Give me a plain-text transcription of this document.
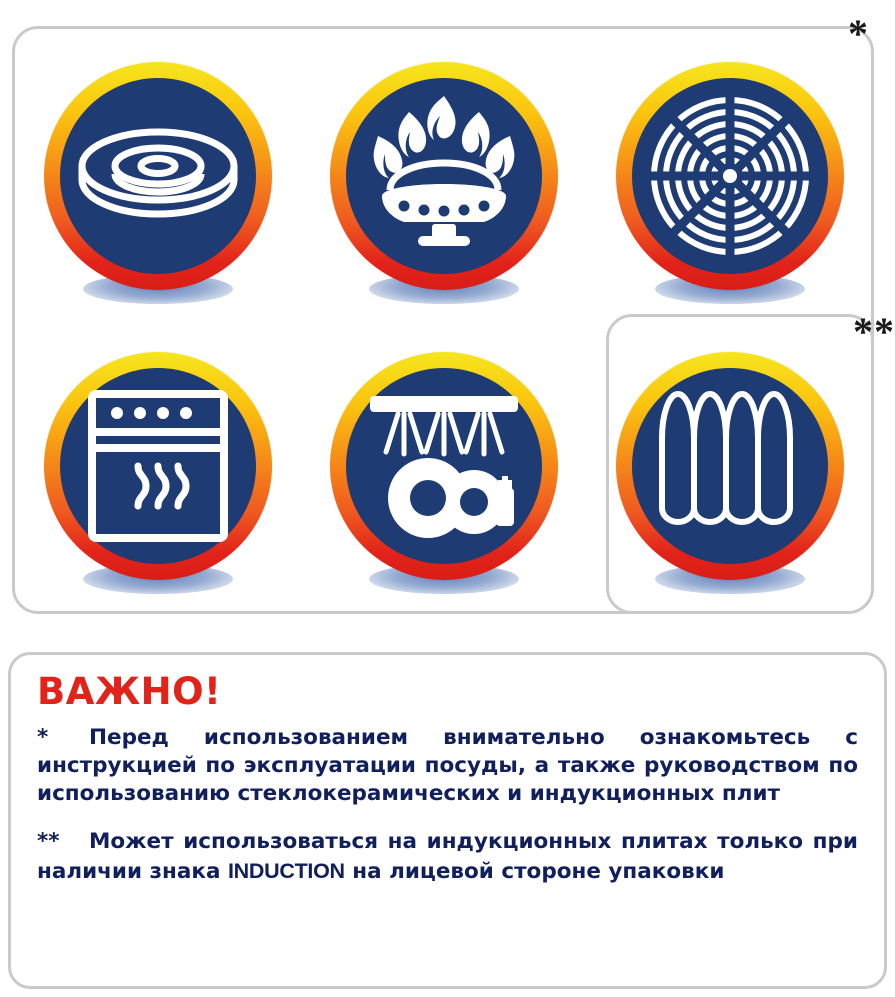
*
**
ВАЖНО!

* Перед использованием внимательно ознакомьтесь с инструкцией по эксплуатации посуды, а также руководством по использованию стеклокерамических и индукционных плит

** Может использоваться на индукционных плитах только при наличии знака INDUCTION на лицевой стороне упаковки
